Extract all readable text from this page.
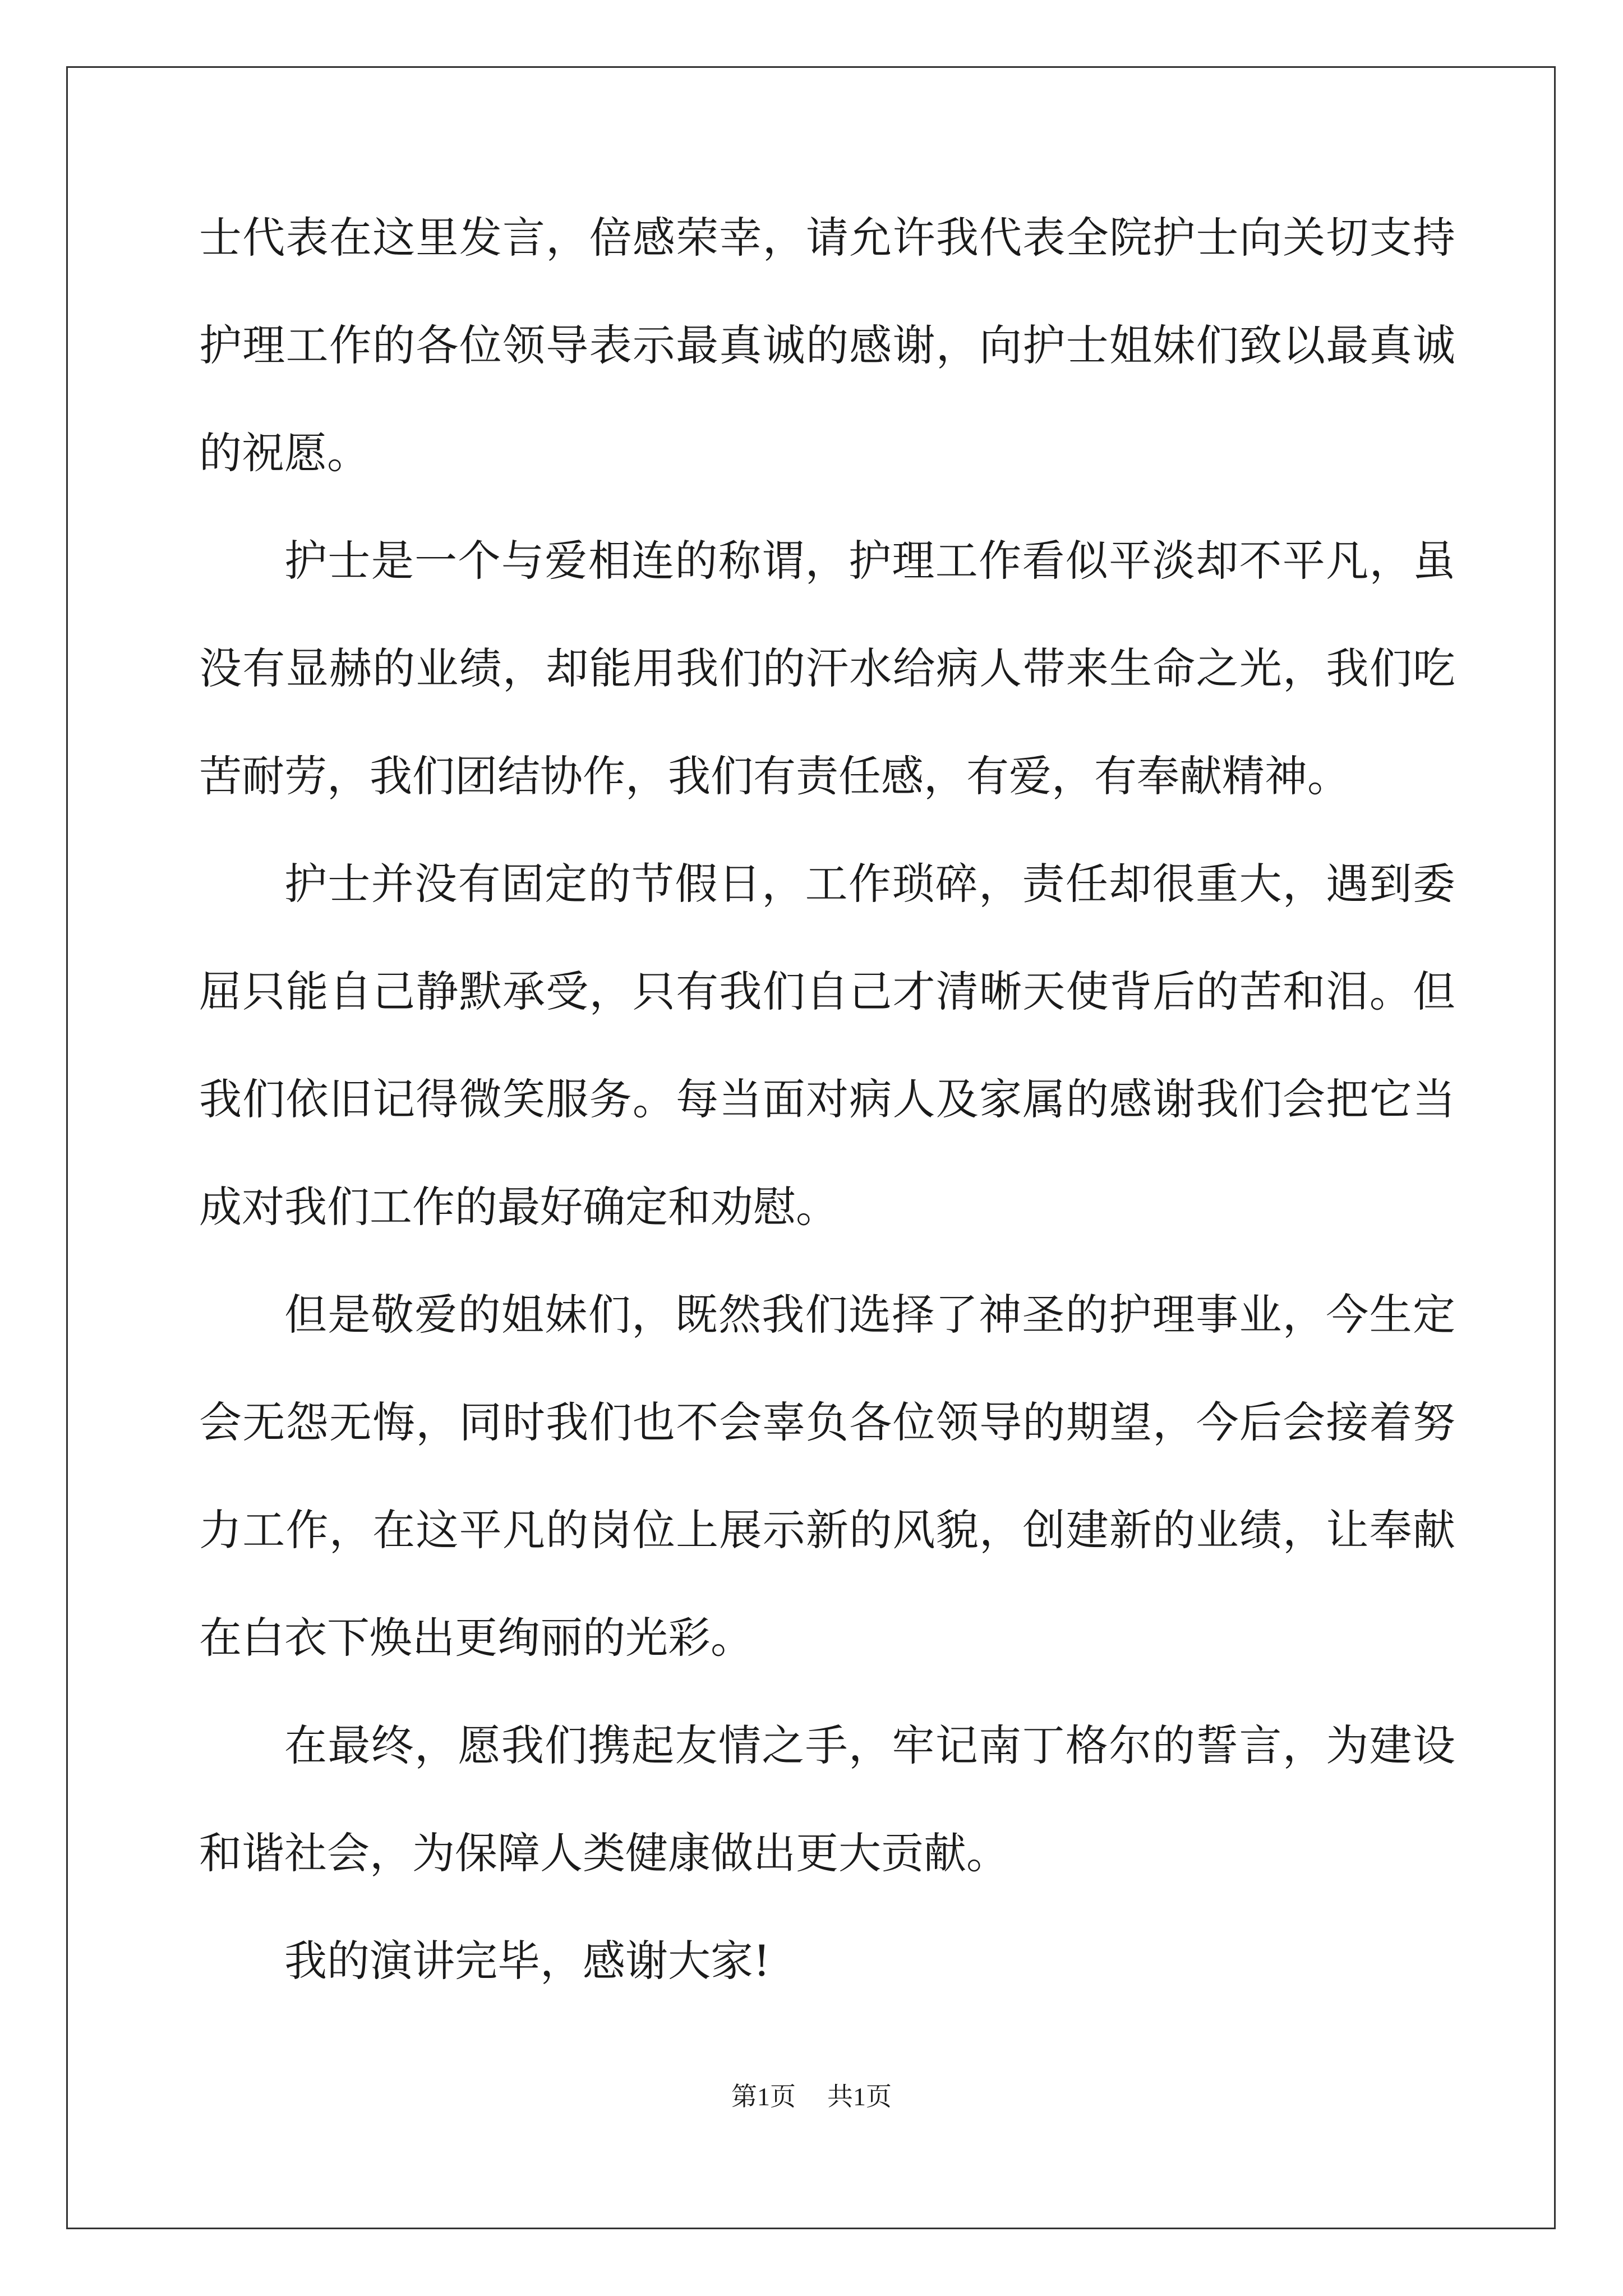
士代表在这里发言，倍感荣幸，请允许我代表全院护士向关切支持护理工作的各位领导表示最真诚的感谢，向护士姐妹们致以最真诚的祝愿。

护士是一个与爱相连的称谓，护理工作看似平淡却不平凡，虽没有显赫的业绩，却能用我们的汗水给病人带来生命之光，我们吃苦耐劳，我们团结协作，我们有责任感，有爱，有奉献精神。

护士并没有固定的节假日，工作琐碎，责任却很重大，遇到委屈只能自己静默承受，只有我们自己才清晰天使背后的苦和泪。但我们依旧记得微笑服务。每当面对病人及家属的感谢我们会把它当成对我们工作的最好确定和劝慰。

但是敬爱的姐妹们，既然我们选择了神圣的护理事业，今生定会无怨无悔，同时我们也不会辜负各位领导的期望，今后会接着努力工作，在这平凡的岗位上展示新的风貌，创建新的业绩，让奉献在白衣下焕出更绚丽的光彩。

在最终，愿我们携起友情之手，牢记南丁格尔的誓言，为建设和谐社会，为保障人类健康做出更大贡献。

我的演讲完毕，感谢大家!

第1页 共1页
